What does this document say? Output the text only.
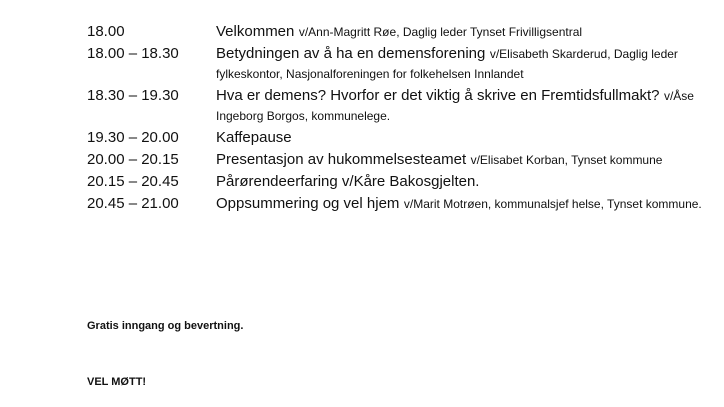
18.00	Velkommen v/Ann-Magritt Røe, Daglig leder Tynset Frivilligsentral
18.00 – 18.30	Betydningen av å ha en demensforening v/Elisabeth Skarderud, Daglig leder fylkeskontor, Nasjonalforeningen for folkehelsen Innlandet
18.30 – 19.30	Hva er demens? Hvorfor er det viktig å skrive en Fremtidsfullmakt? v/Åse Ingeborg Borgos, kommunelege.
19.30 – 20.00	Kaffepause
20.00 – 20.15	Presentasjon av hukommelsesteamet v/Elisabet Korban, Tynset kommune
20.15 – 20.45	Pårørendeerfaring v/Kåre Bakosgjelten.
20.45 – 21.00	Oppsummering og vel hjem v/Marit Motrøen, kommunalsjef helse, Tynset kommune.
Gratis inngang og bevertning.
VEL MØTT!
